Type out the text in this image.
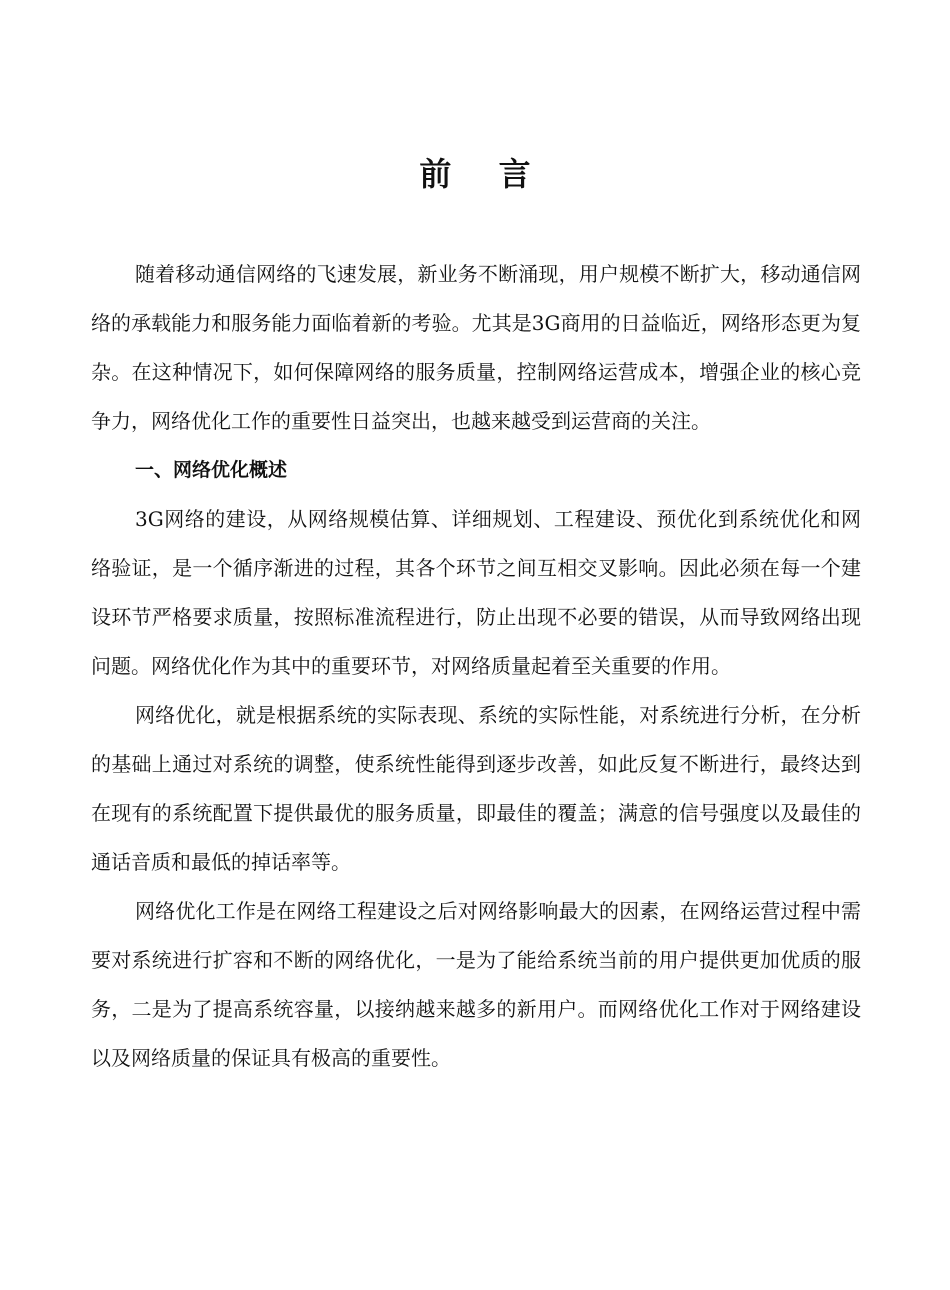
前 言

随着移动通信网络的飞速发展，新业务不断涌现，用户规模不断扩大，移动通信网络的承载能力和服务能力面临着新的考验。尤其是3G商用的日益临近，网络形态更为复杂。在这种情况下，如何保障网络的服务质量，控制网络运营成本，增强企业的核心竞争力，网络优化工作的重要性日益突出，也越来越受到运营商的关注。

一、网络优化概述

3G网络的建设，从网络规模估算、详细规划、工程建设、预优化到系统优化和网络验证，是一个循序渐进的过程，其各个环节之间互相交叉影响。因此必须在每一个建设环节严格要求质量，按照标准流程进行，防止出现不必要的错误，从而导致网络出现问题。网络优化作为其中的重要环节，对网络质量起着至关重要的作用。

网络优化，就是根据系统的实际表现、系统的实际性能，对系统进行分析，在分析的基础上通过对系统的调整，使系统性能得到逐步改善，如此反复不断进行，最终达到在现有的系统配置下提供最优的服务质量，即最佳的覆盖；满意的信号强度以及最佳的通话音质和最低的掉话率等。

网络优化工作是在网络工程建设之后对网络影响最大的因素，在网络运营过程中需要对系统进行扩容和不断的网络优化，一是为了能给系统当前的用户提供更加优质的服务，二是为了提高系统容量，以接纳越来越多的新用户。而网络优化工作对于网络建设以及网络质量的保证具有极高的重要性。
